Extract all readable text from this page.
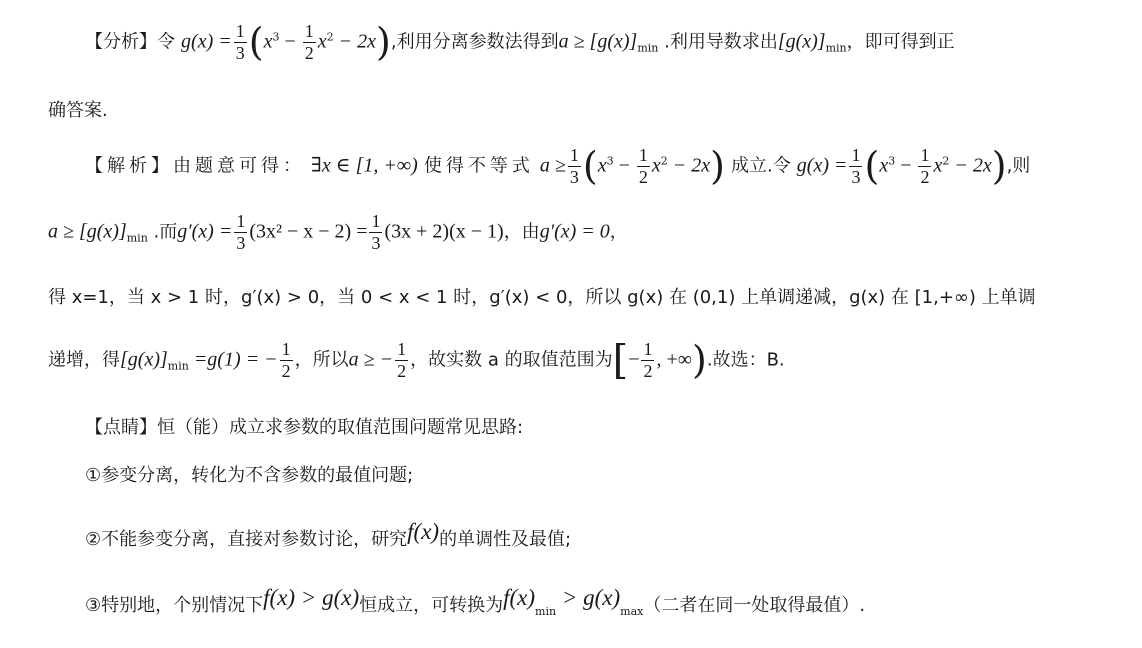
【分析】令 $g(x) = \frac{1}{3} (x^3 - \frac{1}{2} x^2 - 2x)$,利用分离参数法得到$a \ge [g(x)]_{min}$ .利用导数求出$[g(x)]_{min}$，即可得到正
确答案.
【解析】由题意可得： ∃x ∈ [1, +∞) 使得不等式 $a \ge \frac{1}{3} (x^3 - \frac{1}{2} x^2 - 2x)$ 成立.令 $g(x) = \frac{1}{3} (x^3 - \frac{1}{2} x^2 - 2x)$,则
$a \ge [g(x)]_{min}$ .而$g'(x) = \frac{1}{3} (3x^2 - x - 2) = \frac{1}{3} (3x + 2)(x - 1)$，由g′(x) = 0，
得 x=1，当 x > 1 时，g′(x) > 0，当 0 < x < 1 时，g′(x) < 0，所以 g(x) 在 (0,1) 上单调递减，g(x) 在 [1,+∞) 上单调
递增，得$[g(x)]_{min} =g(1)$ = − $\frac{1}{2}$ ，所以a ≥ − $\frac{1}{2}$ ，故实数 a 的取值范围为[− $\frac{1}{2}$ , +∞).故选：B.
【点睛】恒（能）成立求参数的取值范围问题常见思路:
①参变分离，转化为不含参数的最值问题;
②不能参变分离，直接对参数讨论，研究f(x)的单调性及最值;
③特别地，个别情况下f(x) > g(x)恒成立，可转换为$f(x)_{min} > g(x)_{max}$（二者在同一处取得最值）.
